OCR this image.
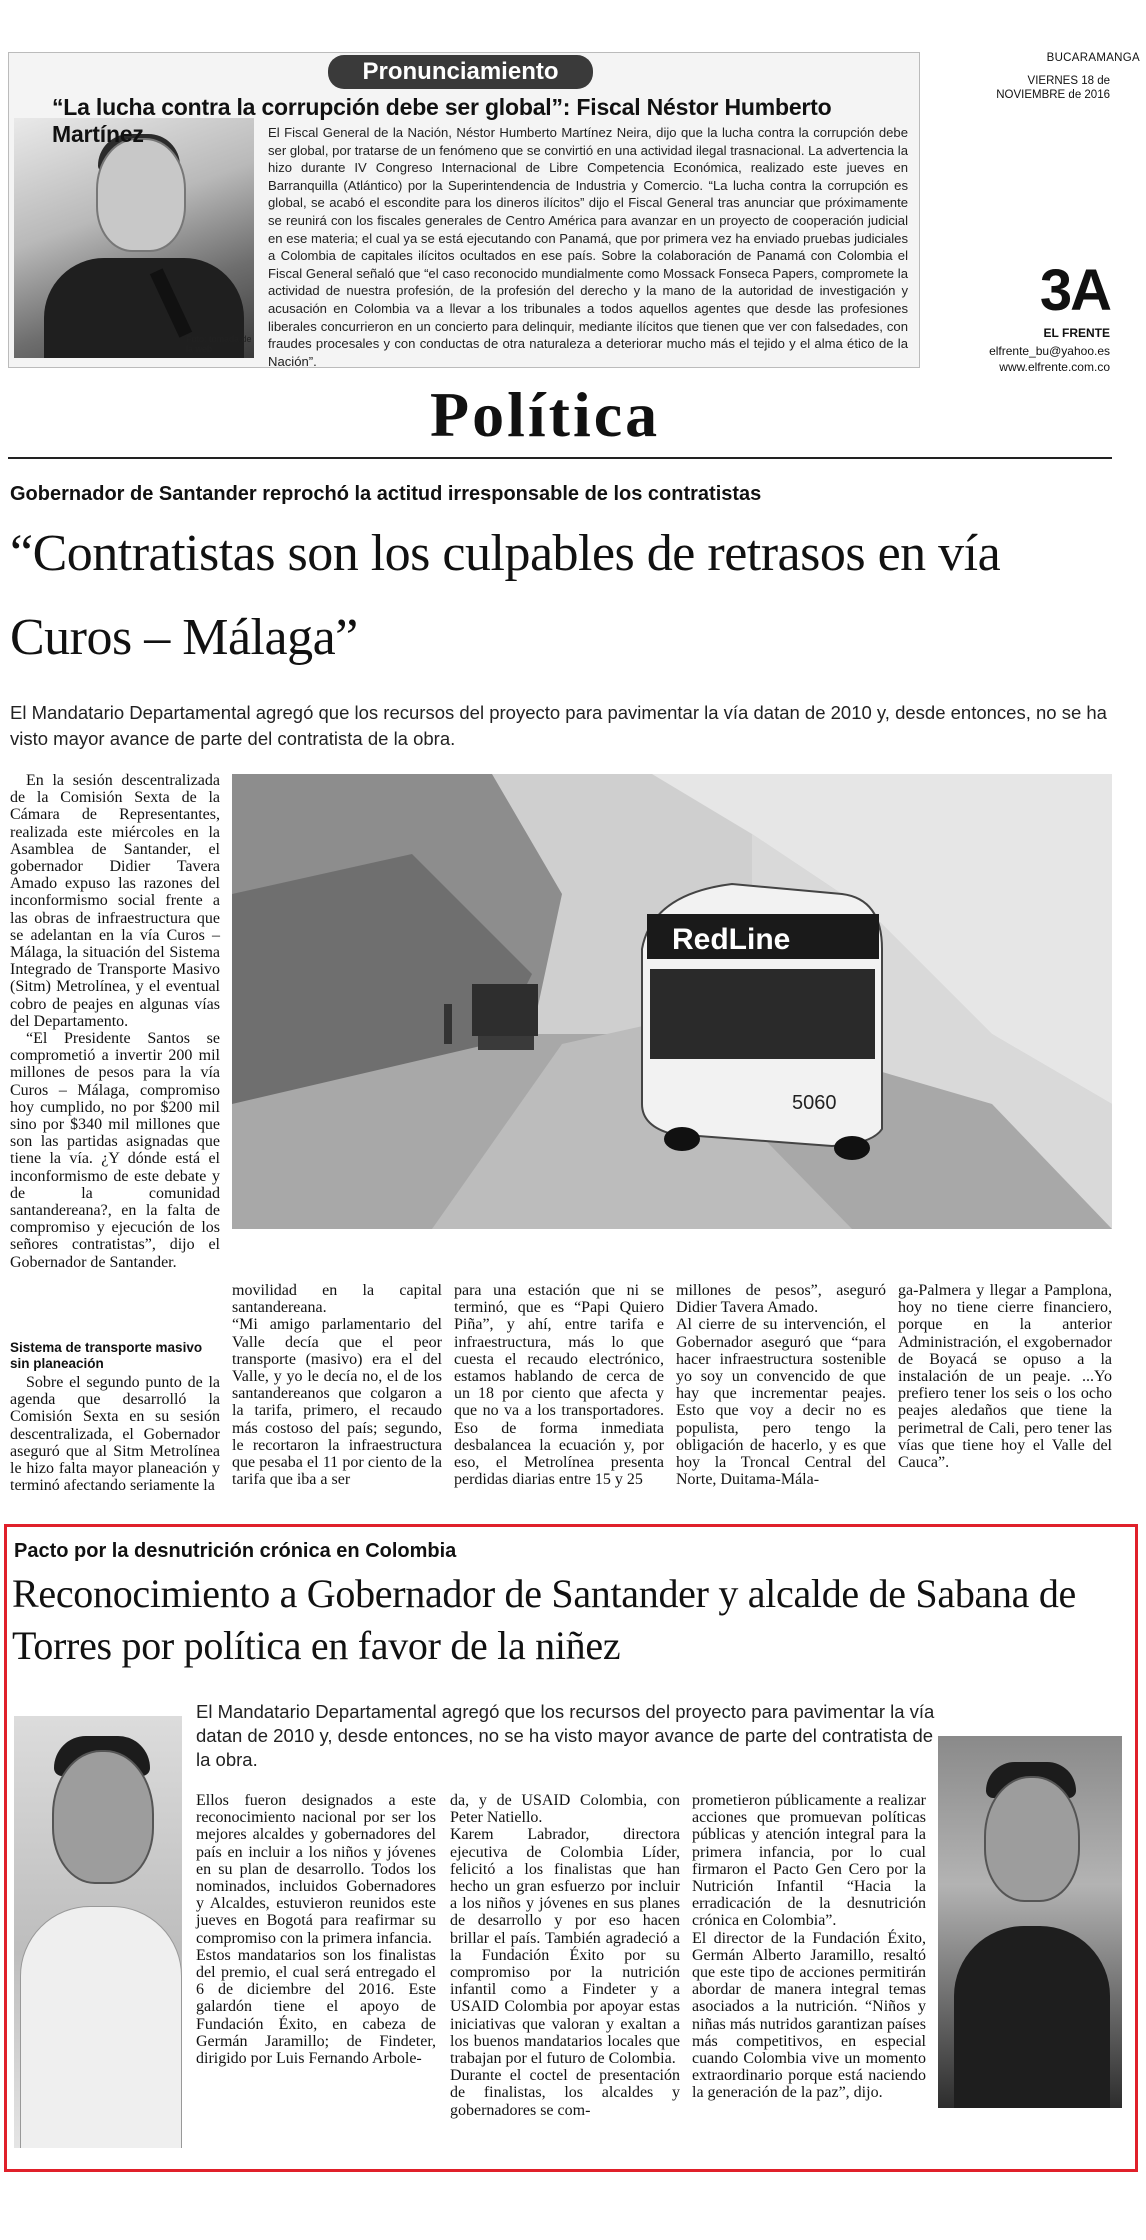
Foto: tomada de la web
Pronunciamiento
“La lucha contra la corrupción debe ser global”: Fiscal Néstor Humberto Martínez	El Fiscal General de la Nación, Néstor Humberto Martínez Neira, dijo que la lucha contra la corrupción debe ser global, por tratarse de un fenómeno que se convirtió en una actividad ilegal trasnacional. La advertencia la hizo durante IV Congreso Internacional de Libre Competencia Económica, realizado este jueves en Barranquilla (Atlántico) por la Superintendencia de Industria y Comercio. “La lucha contra la corrupción es global, se acabó el escondite para los dineros ilícitos” dijo el Fiscal General tras anunciar que próximamente se reunirá con los fiscales generales de Centro América para avanzar en un proyecto de cooperación judicial en ese materia; el cual ya se está ejecutando con Panamá, que por primera vez ha enviado pruebas judiciales a Colombia de capitales ilícitos ocultados en ese país. Sobre la colaboración de Panamá con Colombia el Fiscal General señaló que “el caso reconocido mundialmente como Mossack Fonseca Papers, compromete la actividad de nuestra profesión, de la profesión del derecho y la mano de la autoridad de investigación y acusación en Colombia va a llevar a los tribunales a todos aquellos agentes que desde las profesiones liberales concurrieron en un concierto para delinquir, mediante ilícitos que tienen que ver con falsedades, con fraudes procesales y con conductas de otra naturaleza a deteriorar mucho más el tejido y el alma ético de la Nación”.
BUCARAMANGA
VIERNES 18 de
NOVIEMBRE de 2016
3A
EL FRENTE
elfrente_bu@yahoo.es
www.elfrente.com.co
Política
Gobernador de Santander reprochó la actitud irresponsable de los contratistas
“Contratistas son los culpables de retrasos en vía Curos – Málaga”
El Mandatario Departamental agregó que los recursos del proyecto para pavimentar la vía datan de 2010 y, desde entonces, no se ha visto mayor avance de parte del contratista de la obra.
RedLine
5060

En la sesión descentralizada de la Comisión Sexta de la Cámara de Representantes, realizada este miércoles en la Asamblea de Santander, el gobernador Didier Tavera Amado expuso las razones del inconformismo social frente a las obras de infraestructura que se adelantan en la vía Curos – Málaga, la situación del Sistema Integrado de Transporte Masivo (Sitm) Metrolínea, y el eventual cobro de peajes en algunas vías del Departamento.

“El Presidente Santos se comprometió a invertir 200 mil millones de pesos para la vía Curos – Málaga, compromiso hoy cumplido, no por $200 mil sino por $340 mil millones que son las partidas asignadas que tiene la vía. ¿Y dónde está el inconformismo de este debate y de la comunidad santandereana?, en la falta de compromiso y ejecución de los señores contratistas”, dijo el Gobernador de Santander.

Sistema de transporte masivo sin planeación

Sobre el segundo punto de la agenda que desarrolló la Comisión Sexta en su sesión descentralizada, el Gobernador aseguró que al Sitm Metrolínea le hizo falta mayor planeación y terminó afectando seriamente la

movilidad en la capital santandereana.
“Mi amigo parlamentario del Valle decía que el peor transporte (masivo) era el del Valle, y yo le decía no, el de los santandereanos que colgaron a la tarifa, primero, el recaudo más costoso del país; segundo, le recortaron la infraestructura que pesaba el 11 por ciento de la tarifa que iba a ser
para una estación que ni se terminó, que es “Papi Quiero Piña”, y ahí, entre tarifa e infraestructura, más lo que cuesta el recaudo electrónico, estamos hablando de cerca de un 18 por ciento que afecta y que no va a los transportadores. Eso de forma inmediata desbalancea la ecuación y, por eso, el Metrolínea presenta perdidas diarias entre 15 y 25
millones de pesos”, aseguró Didier Tavera Amado.
Al cierre de su intervención, el Gobernador aseguró que “para hacer infraestructura sostenible yo soy un convencido de que hay que incrementar peajes. Esto que voy a decir no es populista, pero tengo la obligación de hacerlo, y es que hoy la Troncal Central del Norte, Duitama-Mála-
ga-Palmera y llegar a Pamplona, hoy no tiene cierre financiero, porque en la anterior Administración, el exgobernador de Boyacá se opuso a la instalación de un peaje. ...Yo prefiero tener los seis o los ocho peajes aledaños que tiene la perimetral de Cali, pero tener las vías que tiene hoy el Valle del Cauca”.
Pacto por la desnutrición crónica en Colombia
Reconocimiento a Gobernador de Santander y alcalde de Sabana de Torres por política en favor de la niñez
El Mandatario Departamental agregó que los recursos del proyecto para pavimentar la vía datan de 2010 y, desde entonces, no se ha visto mayor avance de parte del contratista de la obra.
Ellos fueron designados a este reconocimiento nacional por ser los mejores alcaldes y gobernadores del país en incluir a los niños y jóvenes en su plan de desarrollo. Todos los nominados, incluidos Gobernadores y Alcaldes, estuvieron reunidos este jueves en Bogotá para reafirmar su compromiso con la primera infancia.
Estos mandatarios son los finalistas del premio, el cual será entregado el 6 de diciembre del 2016. Este galardón tiene el apoyo de Fundación Éxito, en cabeza de Germán Jaramillo; de Findeter, dirigido por Luis Fernando Arbole-
da, y de USAID Colombia, con Peter Natiello.
Karem Labrador, directora ejecutiva de Colombia Líder, felicitó a los finalistas que han hecho un gran esfuerzo por incluir a los niños y jóvenes en sus planes de desarrollo y por eso hacen brillar el país. También agradeció a la Fundación Éxito por su compromiso por la nutrición infantil como a Findeter y a USAID Colombia por apoyar estas iniciativas que valoran y exaltan a los buenos mandatarios locales que trabajan por el futuro de Colombia.
Durante el coctel de presentación de finalistas, los alcaldes y gobernadores se com-
prometieron públicamente a realizar acciones que promuevan políticas públicas y atención integral para la primera infancia, por lo cual firmaron el Pacto Gen Cero por la Nutrición Infantil “Hacia la erradicación de la desnutrición crónica en Colombia”.
El director de la Fundación Éxito, Germán Alberto Jaramillo, resaltó que este tipo de acciones permitirán abordar de manera integral temas asociados a la nutrición. “Niños y niñas más nutridos garantizan países más competitivos, en especial cuando Colombia vive un momento extraordinario porque está naciendo la generación de la paz”, dijo.
